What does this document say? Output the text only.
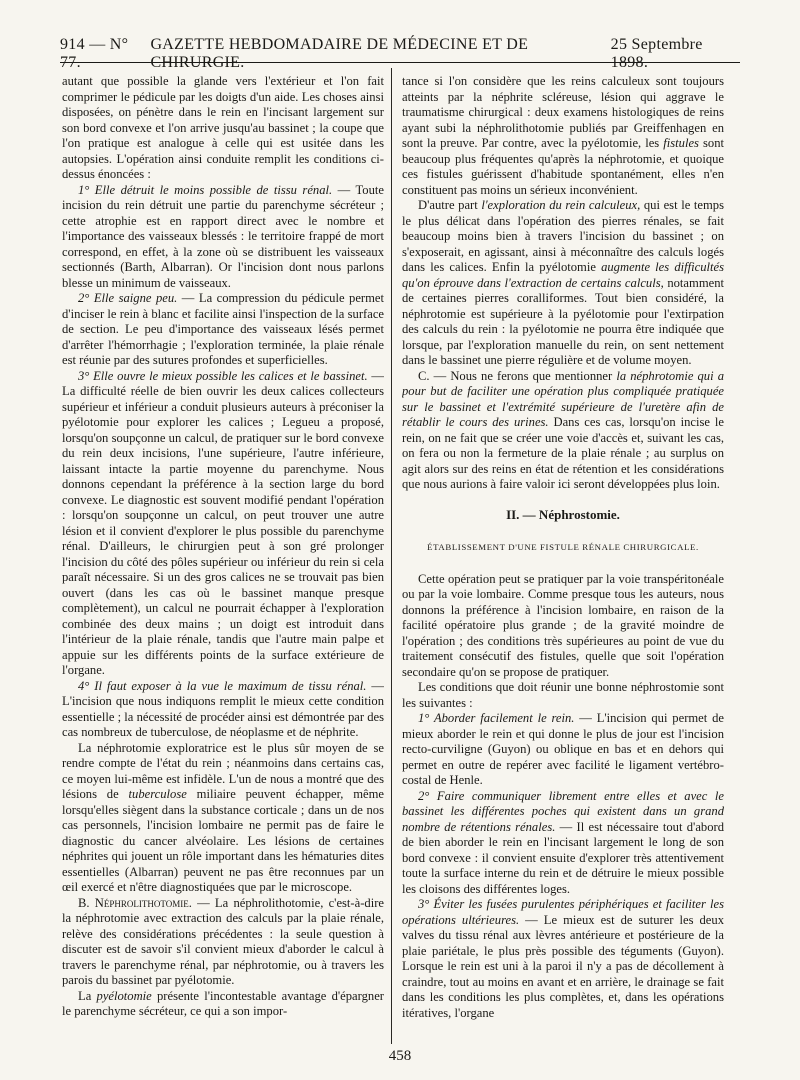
914 — N° 77.
GAZETTE HEBDOMADAIRE DE MÉDECINE ET DE CHIRURGIE.
25 Septembre 1898.

autant que possible la glande vers l'extérieur et l'on fait comprimer le pédicule par les doigts d'un aide. Les choses ainsi disposées, on pénètre dans le rein en l'incisant largement sur son bord convexe et l'on arrive jusqu'au bassinet ; la coupe que l'on pratique est analogue à celle qui est usitée dans les autopsies. L'opération ainsi conduite remplit les conditions ci-dessus énoncées :

1° Elle détruit le moins possible de tissu rénal. — Toute incision du rein détruit une partie du parenchyme sécréteur ; cette atrophie est en rapport direct avec le nombre et l'importance des vaisseaux blessés : le territoire frappé de mort correspond, en effet, à la zone où se distribuent les vaisseaux sectionnés (Barth, Albarran). Or l'incision dont nous parlons blesse un minimum de vaisseaux.

2° Elle saigne peu. — La compression du pédicule permet d'inciser le rein à blanc et facilite ainsi l'inspection de la surface de section. Le peu d'importance des vaisseaux lésés permet d'arrêter l'hémorrhagie ; l'exploration terminée, la plaie rénale est réunie par des sutures profondes et superficielles.

3° Elle ouvre le mieux possible les calices et le bassinet. — La difficulté réelle de bien ouvrir les deux calices collecteurs supérieur et inférieur a conduit plusieurs auteurs à préconiser la pyélotomie pour explorer les calices ; Legueu a proposé, lorsqu'on soupçonne un calcul, de pratiquer sur le bord convexe du rein deux incisions, l'une supérieure, l'autre inférieure, laissant intacte la partie moyenne du parenchyme. Nous donnons cependant la préférence à la section large du bord convexe. Le diagnostic est souvent modifié pendant l'opération : lorsqu'on soupçonne un calcul, on peut trouver une autre lésion et il convient d'explorer le plus possible du parenchyme rénal. D'ailleurs, le chirurgien peut à son gré prolonger l'incision du côté des pôles supérieur ou inférieur du rein si cela paraît nécessaire. Si un des gros calices ne se trouvait pas bien ouvert (dans les cas où le bassinet manque presque complètement), un calcul ne pourrait échapper à l'exploration combinée des deux mains ; un doigt est introduit dans l'intérieur de la plaie rénale, tandis que l'autre main palpe et appuie sur les différents points de la surface extérieure de l'organe.

4° Il faut exposer à la vue le maximum de tissu rénal. — L'incision que nous indiquons remplit le mieux cette condition essentielle ; la nécessité de procéder ainsi est démontrée par des cas nombreux de tuberculose, de néoplasme et de néphrite.

La néphrotomie exploratrice est le plus sûr moyen de se rendre compte de l'état du rein ; néanmoins dans certains cas, ce moyen lui-même est infidèle. L'un de nous a montré que des lésions de tuberculose miliaire peuvent échapper, même lorsqu'elles siègent dans la substance corticale ; dans un de nos cas personnels, l'incision lombaire ne permit pas de faire le diagnostic du cancer alvéolaire. Les lésions de certaines néphrites qui jouent un rôle important dans les hématuries dites essentielles (Albarran) peuvent ne pas être reconnues par un œil exercé et n'être diagnostiquées que par le microscope.

B. Néphrolithotomie. — La néphrolithotomie, c'est-à-dire la néphrotomie avec extraction des calculs par la plaie rénale, relève des considérations précédentes : la seule question à discuter est de savoir s'il convient mieux d'aborder le calcul à travers le parenchyme rénal, par néphrotomie, ou à travers les parois du bassinet par pyélotomie.

La pyélotomie présente l'incontestable avantage d'épargner le parenchyme sécréteur, ce qui a son impor-

tance si l'on considère que les reins calculeux sont toujours atteints par la néphrite scléreuse, lésion qui aggrave le traumatisme chirurgical : deux examens histologiques de reins ayant subi la néphrolithotomie publiés par Greiffenhagen en sont la preuve. Par contre, avec la pyélotomie, les fistules sont beaucoup plus fréquentes qu'après la néphrotomie, et quoique ces fistules guérissent d'habitude spontanément, elles n'en constituent pas moins un sérieux inconvénient.

D'autre part l'exploration du rein calculeux, qui est le temps le plus délicat dans l'opération des pierres rénales, se fait beaucoup moins bien à travers l'incision du bassinet ; on s'exposerait, en agissant, ainsi à méconnaître des calculs logés dans les calices. Enfin la pyélotomie augmente les difficultés qu'on éprouve dans l'extraction de certains calculs, notamment de certaines pierres coralliformes. Tout bien considéré, la néphrotomie est supérieure à la pyélotomie pour l'extirpation des calculs du rein : la pyélotomie ne pourra être indiquée que lorsque, par l'exploration manuelle du rein, on sent nettement dans le bassinet une pierre régulière et de volume moyen.

C. — Nous ne ferons que mentionner la néphrotomie qui a pour but de faciliter une opération plus compliquée pratiquée sur le bassinet et l'extrémité supérieure de l'uretère afin de rétablir le cours des urines. Dans ces cas, lorsqu'on incise le rein, on ne fait que se créer une voie d'accès et, suivant les cas, on fera ou non la fermeture de la plaie rénale ; au surplus on agit alors sur des reins en état de rétention et les considérations que nous aurions à faire valoir ici seront développées plus loin.

II. — Néphrostomie.

ÉTABLISSEMENT D'UNE FISTULE RÉNALE CHIRURGICALE.

Cette opération peut se pratiquer par la voie transpéritonéale ou par la voie lombaire. Comme presque tous les auteurs, nous donnons la préférence à l'incision lombaire, en raison de la facilité opératoire plus grande ; de la gravité moindre de l'opération ; des conditions très supérieures au point de vue du traitement consécutif des fistules, quelle que soit l'opération secondaire qu'on se propose de pratiquer.

Les conditions que doit réunir une bonne néphrostomie sont les suivantes :

1° Aborder facilement le rein. — L'incision qui permet de mieux aborder le rein et qui donne le plus de jour est l'incision recto-curviligne (Guyon) ou oblique en bas et en dehors qui permet en outre de repérer avec facilité le ligament vertébro-costal de Henle.

2° Faire communiquer librement entre elles et avec le bassinet les différentes poches qui existent dans un grand nombre de rétentions rénales. — Il est nécessaire tout d'abord de bien aborder le rein en l'incisant largement le long de son bord convexe : il convient ensuite d'explorer très attentivement toute la surface interne du rein et de détruire le mieux possible les cloisons des différentes loges.

3° Éviter les fusées purulentes périphériques et faciliter les opérations ultérieures. — Le mieux est de suturer les deux valves du tissu rénal aux lèvres antérieure et postérieure de la plaie pariétale, le plus près possible des téguments (Guyon). Lorsque le rein est uni à la paroi il n'y a pas de décollement à craindre, tout au moins en avant et en arrière, le drainage se fait dans les conditions les plus complètes, et, dans les opérations itératives, l'organe

458
